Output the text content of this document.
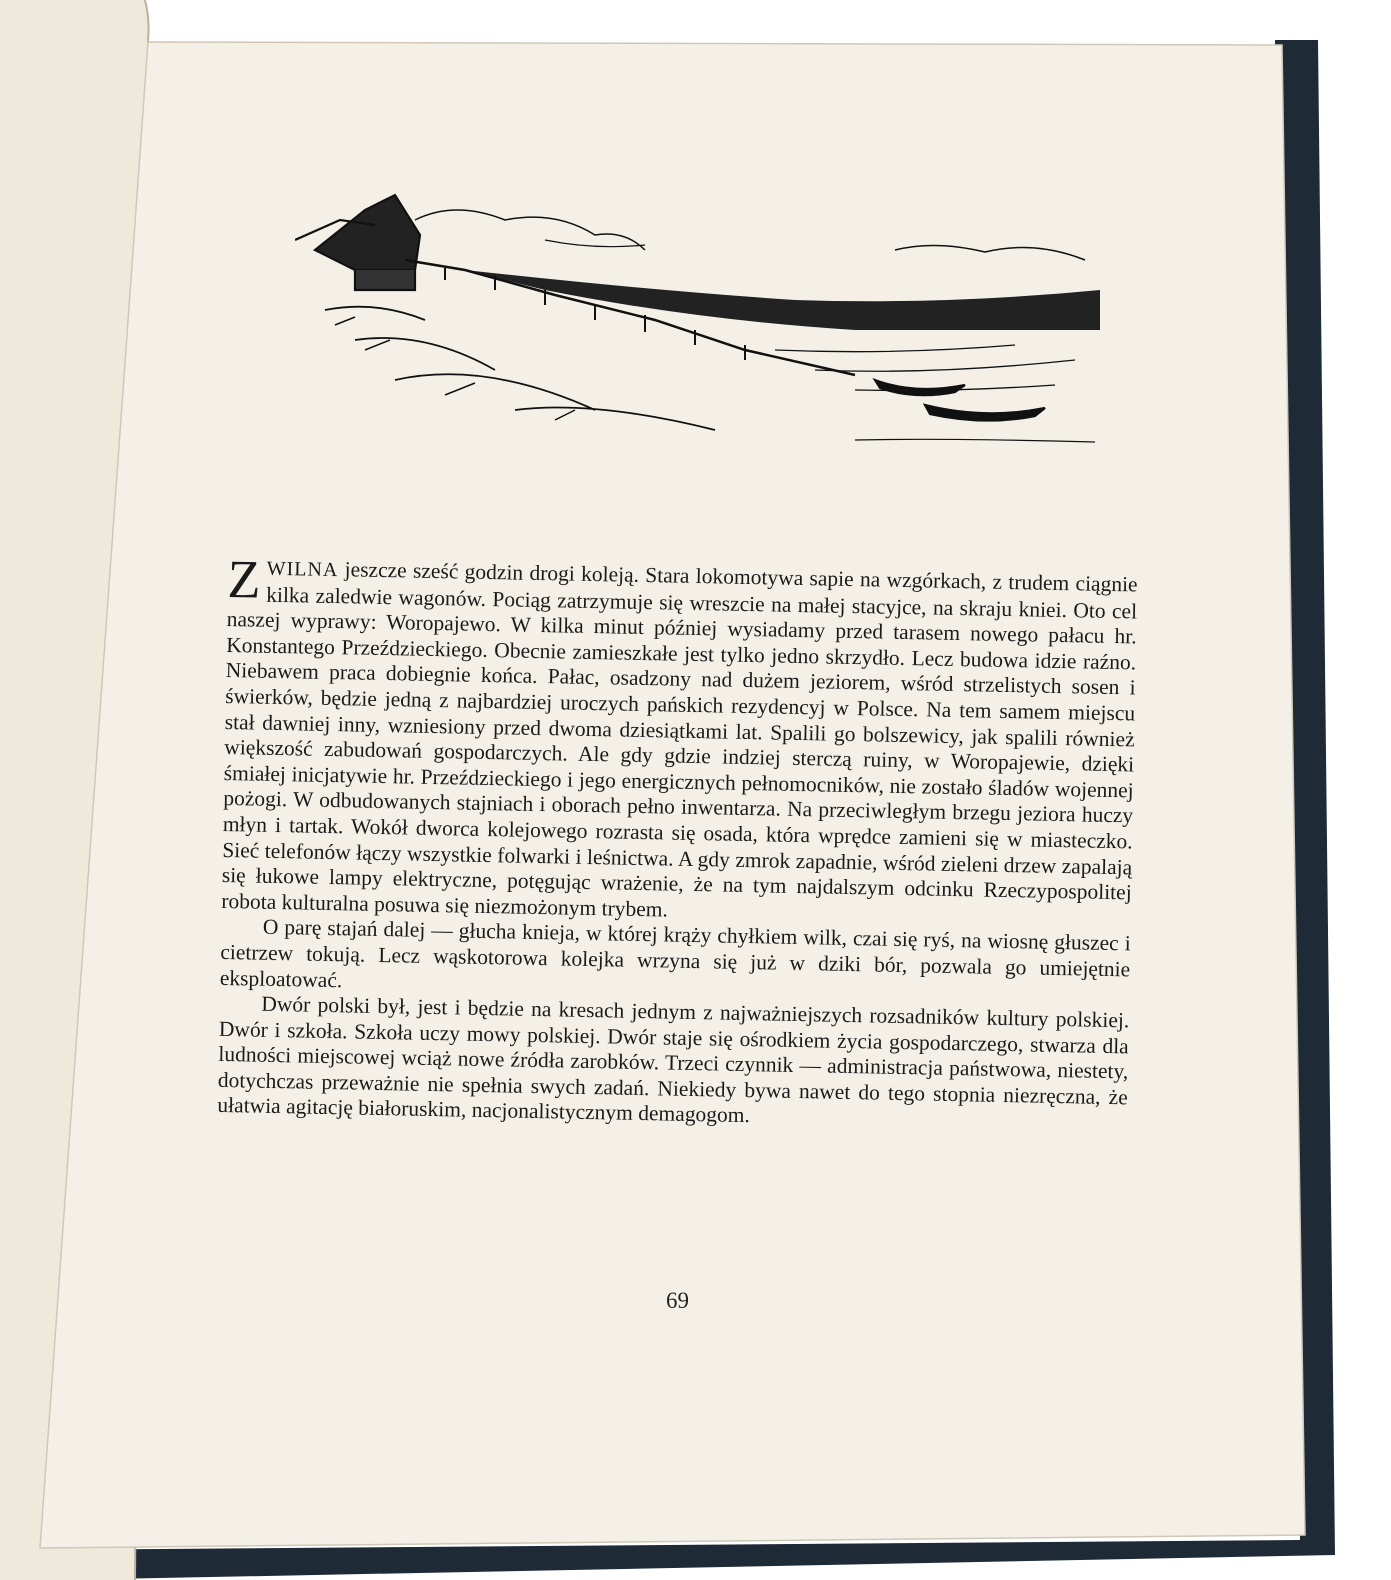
ZWILNA jeszcze sześć godzin drogi koleją. Stara lokomotywa sapie na wzgórkach, z trudem ciągnie kilka zaledwie wagonów. Pociąg zatrzymuje się wreszcie na małej stacyjce, na skraju kniei. Oto cel naszej wyprawy: Woropajewo. W kilka minut później wysiadamy przed tarasem nowego pałacu hr. Konstantego Przeździeckiego. Obecnie zamieszkałe jest tylko jedno skrzydło. Lecz budowa idzie raźno. Niebawem praca dobiegnie końca. Pałac, osadzony nad dużem jeziorem, wśród strzelistych sosen i świerków, będzie jedną z najbardziej uroczych pańskich rezydencyj w Polsce. Na tem samem miejscu stał dawniej inny, wzniesiony przed dwoma dziesiątkami lat. Spalili go bolszewicy, jak spalili również większość zabudowań gospodarczych. Ale gdy gdzie indziej sterczą ruiny, w Woropajewie, dzięki śmiałej inicjatywie hr. Przeździeckiego i jego energicznych pełnomocników, nie zostało śladów wojennej pożogi. W odbudowanych stajniach i oborach pełno inwentarza. Na przeciwległym brzegu jeziora huczy młyn i tartak. Wokół dworca kolejowego rozrasta się osada, która wprędce zamieni się w miasteczko. Sieć telefonów łączy wszystkie folwarki i leśnictwa. A gdy zmrok zapadnie, wśród zieleni drzew zapalają się łukowe lampy elektryczne, potęgując wrażenie, że na tym najdalszym odcinku Rzeczypospolitej robota kulturalna posuwa się niezmożonym trybem.

O parę stajań dalej — głucha knieja, w której krąży chyłkiem wilk, czai się ryś, na wiosnę głuszec i cietrzew tokują. Lecz wąskotorowa kolejka wrzyna się już w dziki bór, pozwala go umiejętnie eksploatować.

Dwór polski był, jest i będzie na kresach jednym z najważniejszych rozsadników kultury polskiej. Dwór i szkoła. Szkoła uczy mowy polskiej. Dwór staje się ośrodkiem życia gospodarczego, stwarza dla ludności miejscowej wciąż nowe źródła zarobków. Trzeci czynnik — administracja państwowa, niestety, dotychczas przeważnie nie spełnia swych zadań. Niekiedy bywa nawet do tego stopnia niezręczna, że ułatwia agitację białoruskim, nacjonalistycznym demagogom.

69
